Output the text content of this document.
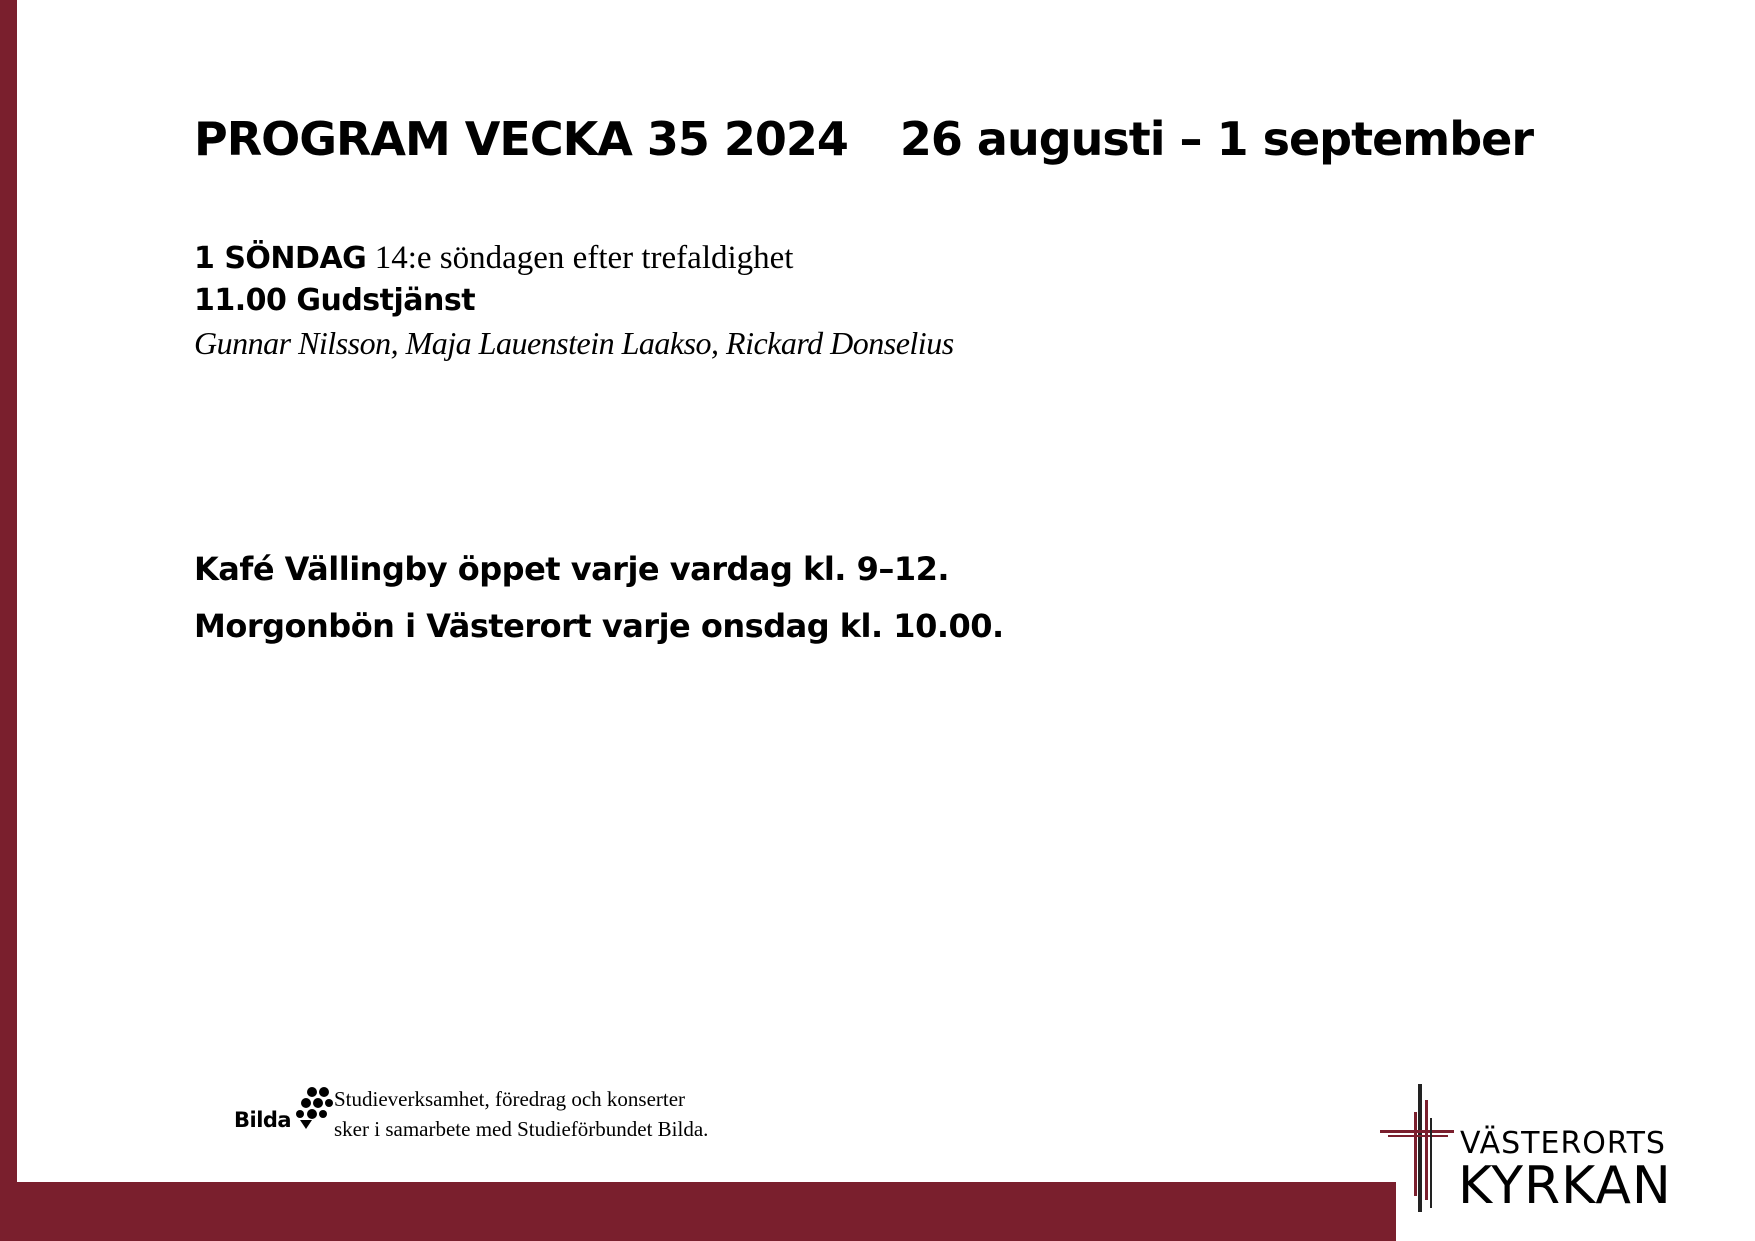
PROGRAM VECKA 35 2024 26 augusti – 1 september
1 SÖNDAG 14:e söndagen efter trefaldighet
11.00 Gudstjänst
Gunnar Nilsson, Maja Lauenstein Laakso, Rickard Donselius
Kafé Vällingby öppet varje vardag kl. 9–12.
Morgonbön i Västerort varje onsdag kl. 10.00.
Bilda
Studieverksamhet, föredrag och konserter
sker i samarbete med Studieförbundet Bilda.	VÄSTERORTS
KYRKAN
